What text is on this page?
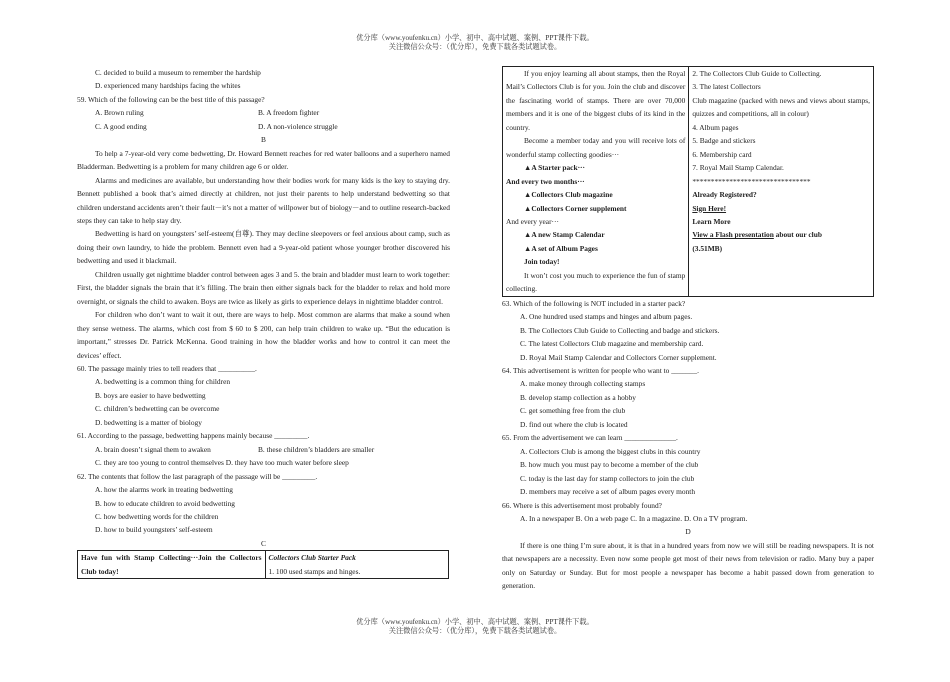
优分库（www.youfenku.cn）小学、初中、高中试题、案例、PPT课件下载。
关注微信公众号：（优分库），免费下载各类试题试卷。
C. decided to build a museum to remember the hardship
D. experienced many hardships facing the whites
59. Which of the following can be the best title of this passage?
A. Brown ruling	B. A freedom fighter
C. A good ending	D. A non-violence struggle
B

To help a 7-year-old very come bedwetting, Dr. Howard Bennett reaches for red water balloons and a superhero named Bladderman. Bedwetting is a problem for many children age 6 or older.

Alarms and medicines are available, but understanding how their bodies work for many kids is the key to staying dry. Bennett published a book that’s aimed directly at children, not just their parents to help understand bedwetting so that children understand accidents aren’t their fault－it’s not a matter of willpower but of biology－and to outline research-backed steps they can take to help stay dry.

Bedwetting is hard on youngsters’ self-esteem(自尊). They may decline sleepovers or feel anxious about camp, such as doing their own laundry, to hide the problem. Bennett even had a 9-year-old patient whose younger brother discovered his bedwetting and used it blackmail.

Children usually get nighttime bladder control between ages 3 and 5. the brain and bladder must learn to work together: First, the bladder signals the brain that it’s filling. The brain then either signals back for the bladder to relax and hold more overnight, or signals the child to awaken. Boys are twice as likely as girls to experience delays in nighttime bladder control.

For children who don’t want to wait it out, there are ways to help. Most common are alarms that make a sound when they sense wetness. The alarms, which cost from $ 60 to $ 200, can help train children to wake up. “But the education is important,” stresses Dr. Patrick McKenna. Good training in how the bladder works and how to control it can meet the devices’ effect.

60. The passage mainly tries to tell readers that __________.
A. bedwetting is a common thing for children
B. boys are easier to have bedwetting
C. children’s bedwetting can be overcome
D. bedwetting is a matter of biology
61. According to the passage, bedwetting happens mainly because _________.
A. brain doesn’t signal them to awaken	B. these children’s bladders are smaller
C. they are too young to control themselves D. they have too much water before sleep
62. The contents that follow the last paragraph of the passage will be _________.
A. how the alarms work in treating bedwetting
B. how to educate children to avoid bedwetting
C. how bedwetting words for the children
D. how to build youngsters’ self-esteem
C
Have fun with Stamp Collecting···Join the Collectors Club today!	
Collectors Club Starter Pack
1. 100 used stamps and hinges.

If you enjoy learning all about stamps, then the Royal Mail’s Collectors Club is for you. Join the club and discover the fascinating world of stamps. There are over 70,000 members and it is one of the biggest clubs of its kind in the country.

Become a member today and you will receive lots of wonderful stamp collecting goodies···

▲A Starter pack···

And every two months···

▲Collectors Club magazine

▲Collectors Corner supplement

And every year···

▲A new Stamp Calendar

▲A set of Album Pages

Join today!

It won’t cost you much to experience the fun of stamp collecting.

2. The Collectors Club Guide to Collecting.

3. The latest Collectors

Club magazine (packed with news and views about stamps, quizzes and competitions, all in colour)

4. Album pages

5. Badge and stickers

6. Membership card

7. Royal Mail Stamp Calendar.

********************************

Already Registered?

Sign Here!

Learn More

View a Flash presentation about our club

(3.51MB)

63. Which of the following is NOT included in a starter pack?
A. One hundred used stamps and hinges and album pages.
B. The Collectors Club Guide to Collecting and badge and stickers.
C. The latest Collectors Club magazine and membership card.
D. Royal Mail Stamp Calendar and Collectors Corner supplement.
64. This advertisement is written for people who want to _______.
A. make money through collecting stamps
B. develop stamp collection as a hobby
C. get something free from the club
D. find out where the club is located
65. From the advertisement we can learn ______________.
A. Collectors Club is among the biggest clubs in this country
B. how much you must pay to become a member of the club
C. today is the last day for stamp collectors to join the club
D. members may receive a set of album pages every month
66. Where is this advertisement most probably found?
A. In a newspaper B. On a web page C. In a magazine. D. On a TV program.
D

If there is one thing I’m sure about, it is that in a hundred years from now we will still be reading newspapers. It is not that newspapers are a necessity. Even now some people get most of their news from television or radio. Many buy a paper only on Saturday or Sunday. But for most people a newspaper has become a habit passed down from generation to generation.

优分库（www.youfenku.cn）小学、初中、高中试题、案例、PPT课件下载。
关注微信公众号：（优分库），免费下载各类试题试卷。
